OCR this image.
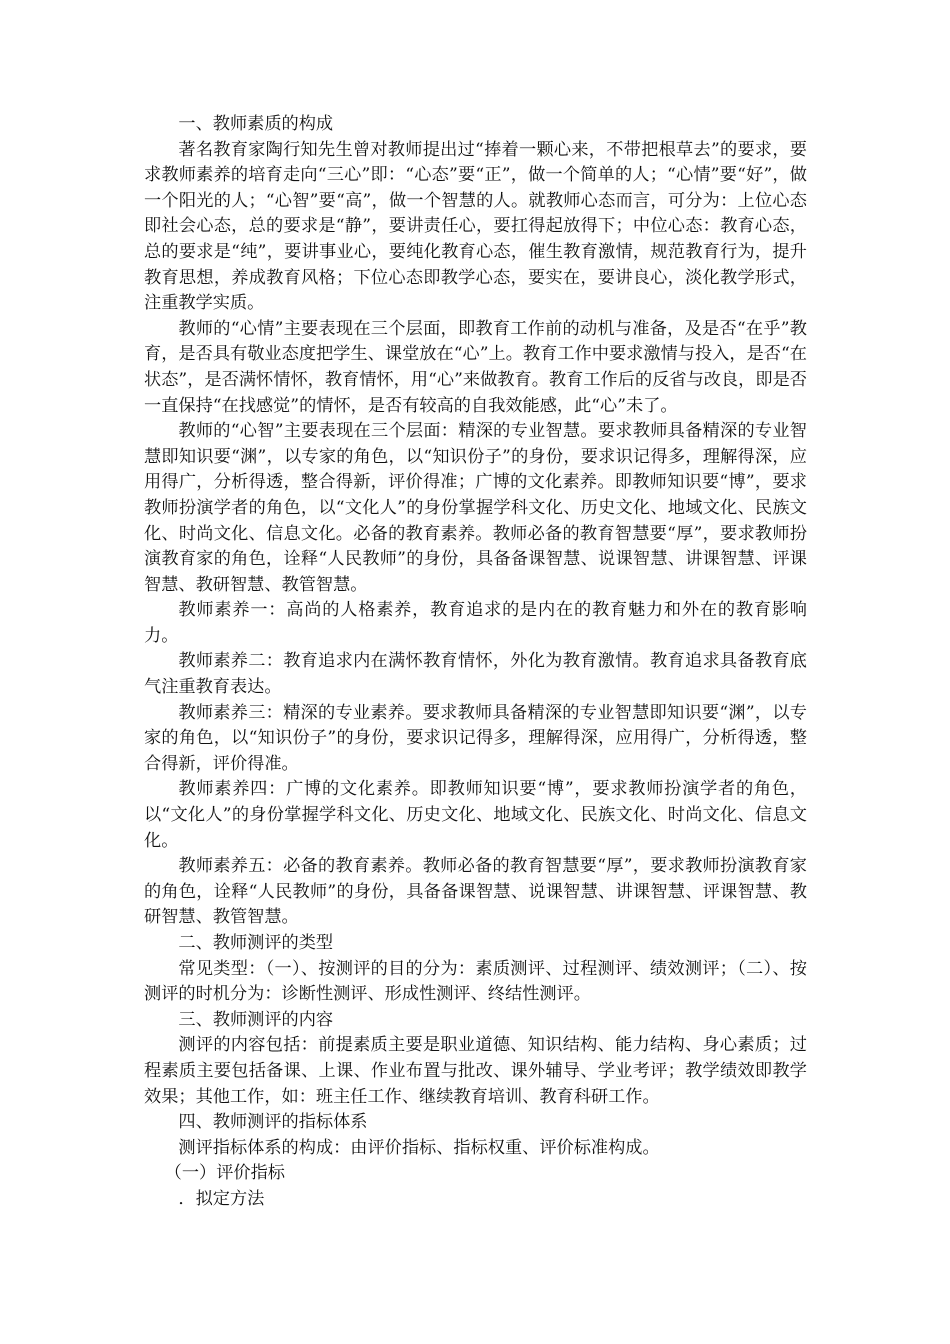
一、教师素质的构成

著名教育家陶行知先生曾对教师提出过“捧着一颗心来，不带把根草去”的要求，要求教师素养的培育走向“三心”即：“心态”要“正”，做一个简单的人；“心情”要“好”，做一个阳光的人；“心智”要“高”，做一个智慧的人。就教师心态而言，可分为：上位心态即社会心态，总的要求是“静”，要讲责任心，要扛得起放得下；中位心态：教育心态，总的要求是“纯”，要讲事业心，要纯化教育心态，催生教育激情，规范教育行为，提升教育思想，养成教育风格；下位心态即教学心态，要实在，要讲良心，淡化教学形式，注重教学实质。

教师的“心情”主要表现在三个层面，即教育工作前的动机与准备，及是否“在乎”教育，是否具有敬业态度把学生、课堂放在“心”上。教育工作中要求激情与投入，是否“在状态”，是否满怀情怀，教育情怀，用“心”来做教育。教育工作后的反省与改良，即是否一直保持“在找感觉”的情怀，是否有较高的自我效能感，此“心”未了。

教师的“心智”主要表现在三个层面：精深的专业智慧。要求教师具备精深的专业智慧即知识要“渊”，以专家的角色，以“知识份子”的身份，要求识记得多，理解得深，应用得广，分析得透，整合得新，评价得准；广博的文化素养。即教师知识要“博”，要求教师扮演学者的角色，以“文化人”的身份掌握学科文化、历史文化、地域文化、民族文化、时尚文化、信息文化。必备的教育素养。教师必备的教育智慧要“厚”，要求教师扮演教育家的角色，诠释“人民教师”的身份，具备备课智慧、说课智慧、讲课智慧、评课智慧、教研智慧、教管智慧。

教师素养一：高尚的人格素养，教育追求的是内在的教育魅力和外在的教育影响力。

教师素养二：教育追求内在满怀教育情怀，外化为教育激情。教育追求具备教育底气注重教育表达。

教师素养三：精深的专业素养。要求教师具备精深的专业智慧即知识要“渊”，以专家的角色，以“知识份子”的身份，要求识记得多，理解得深，应用得广，分析得透，整合得新，评价得准。

教师素养四：广博的文化素养。即教师知识要“博”，要求教师扮演学者的角色，以“文化人”的身份掌握学科文化、历史文化、地域文化、民族文化、时尚文化、信息文化。

教师素养五：必备的教育素养。教师必备的教育智慧要“厚”，要求教师扮演教育家的角色，诠释“人民教师”的身份，具备备课智慧、说课智慧、讲课智慧、评课智慧、教研智慧、教管智慧。

二、教师测评的类型

常见类型：（一）、按测评的目的分为：素质测评、过程测评、绩效测评；（二）、按测评的时机分为：诊断性测评、形成性测评、终结性测评。

三、教师测评的内容

测评的内容包括：前提素质主要是职业道德、知识结构、能力结构、身心素质；过程素质主要包括备课、上课、作业布置与批改、课外辅导、学业考评；教学绩效即教学效果；其他工作，如：班主任工作、继续教育培训、教育科研工作。

四、教师测评的指标体系

测评指标体系的构成：由评价指标、指标权重、评价标准构成。

（一）评价指标

．拟定方法
